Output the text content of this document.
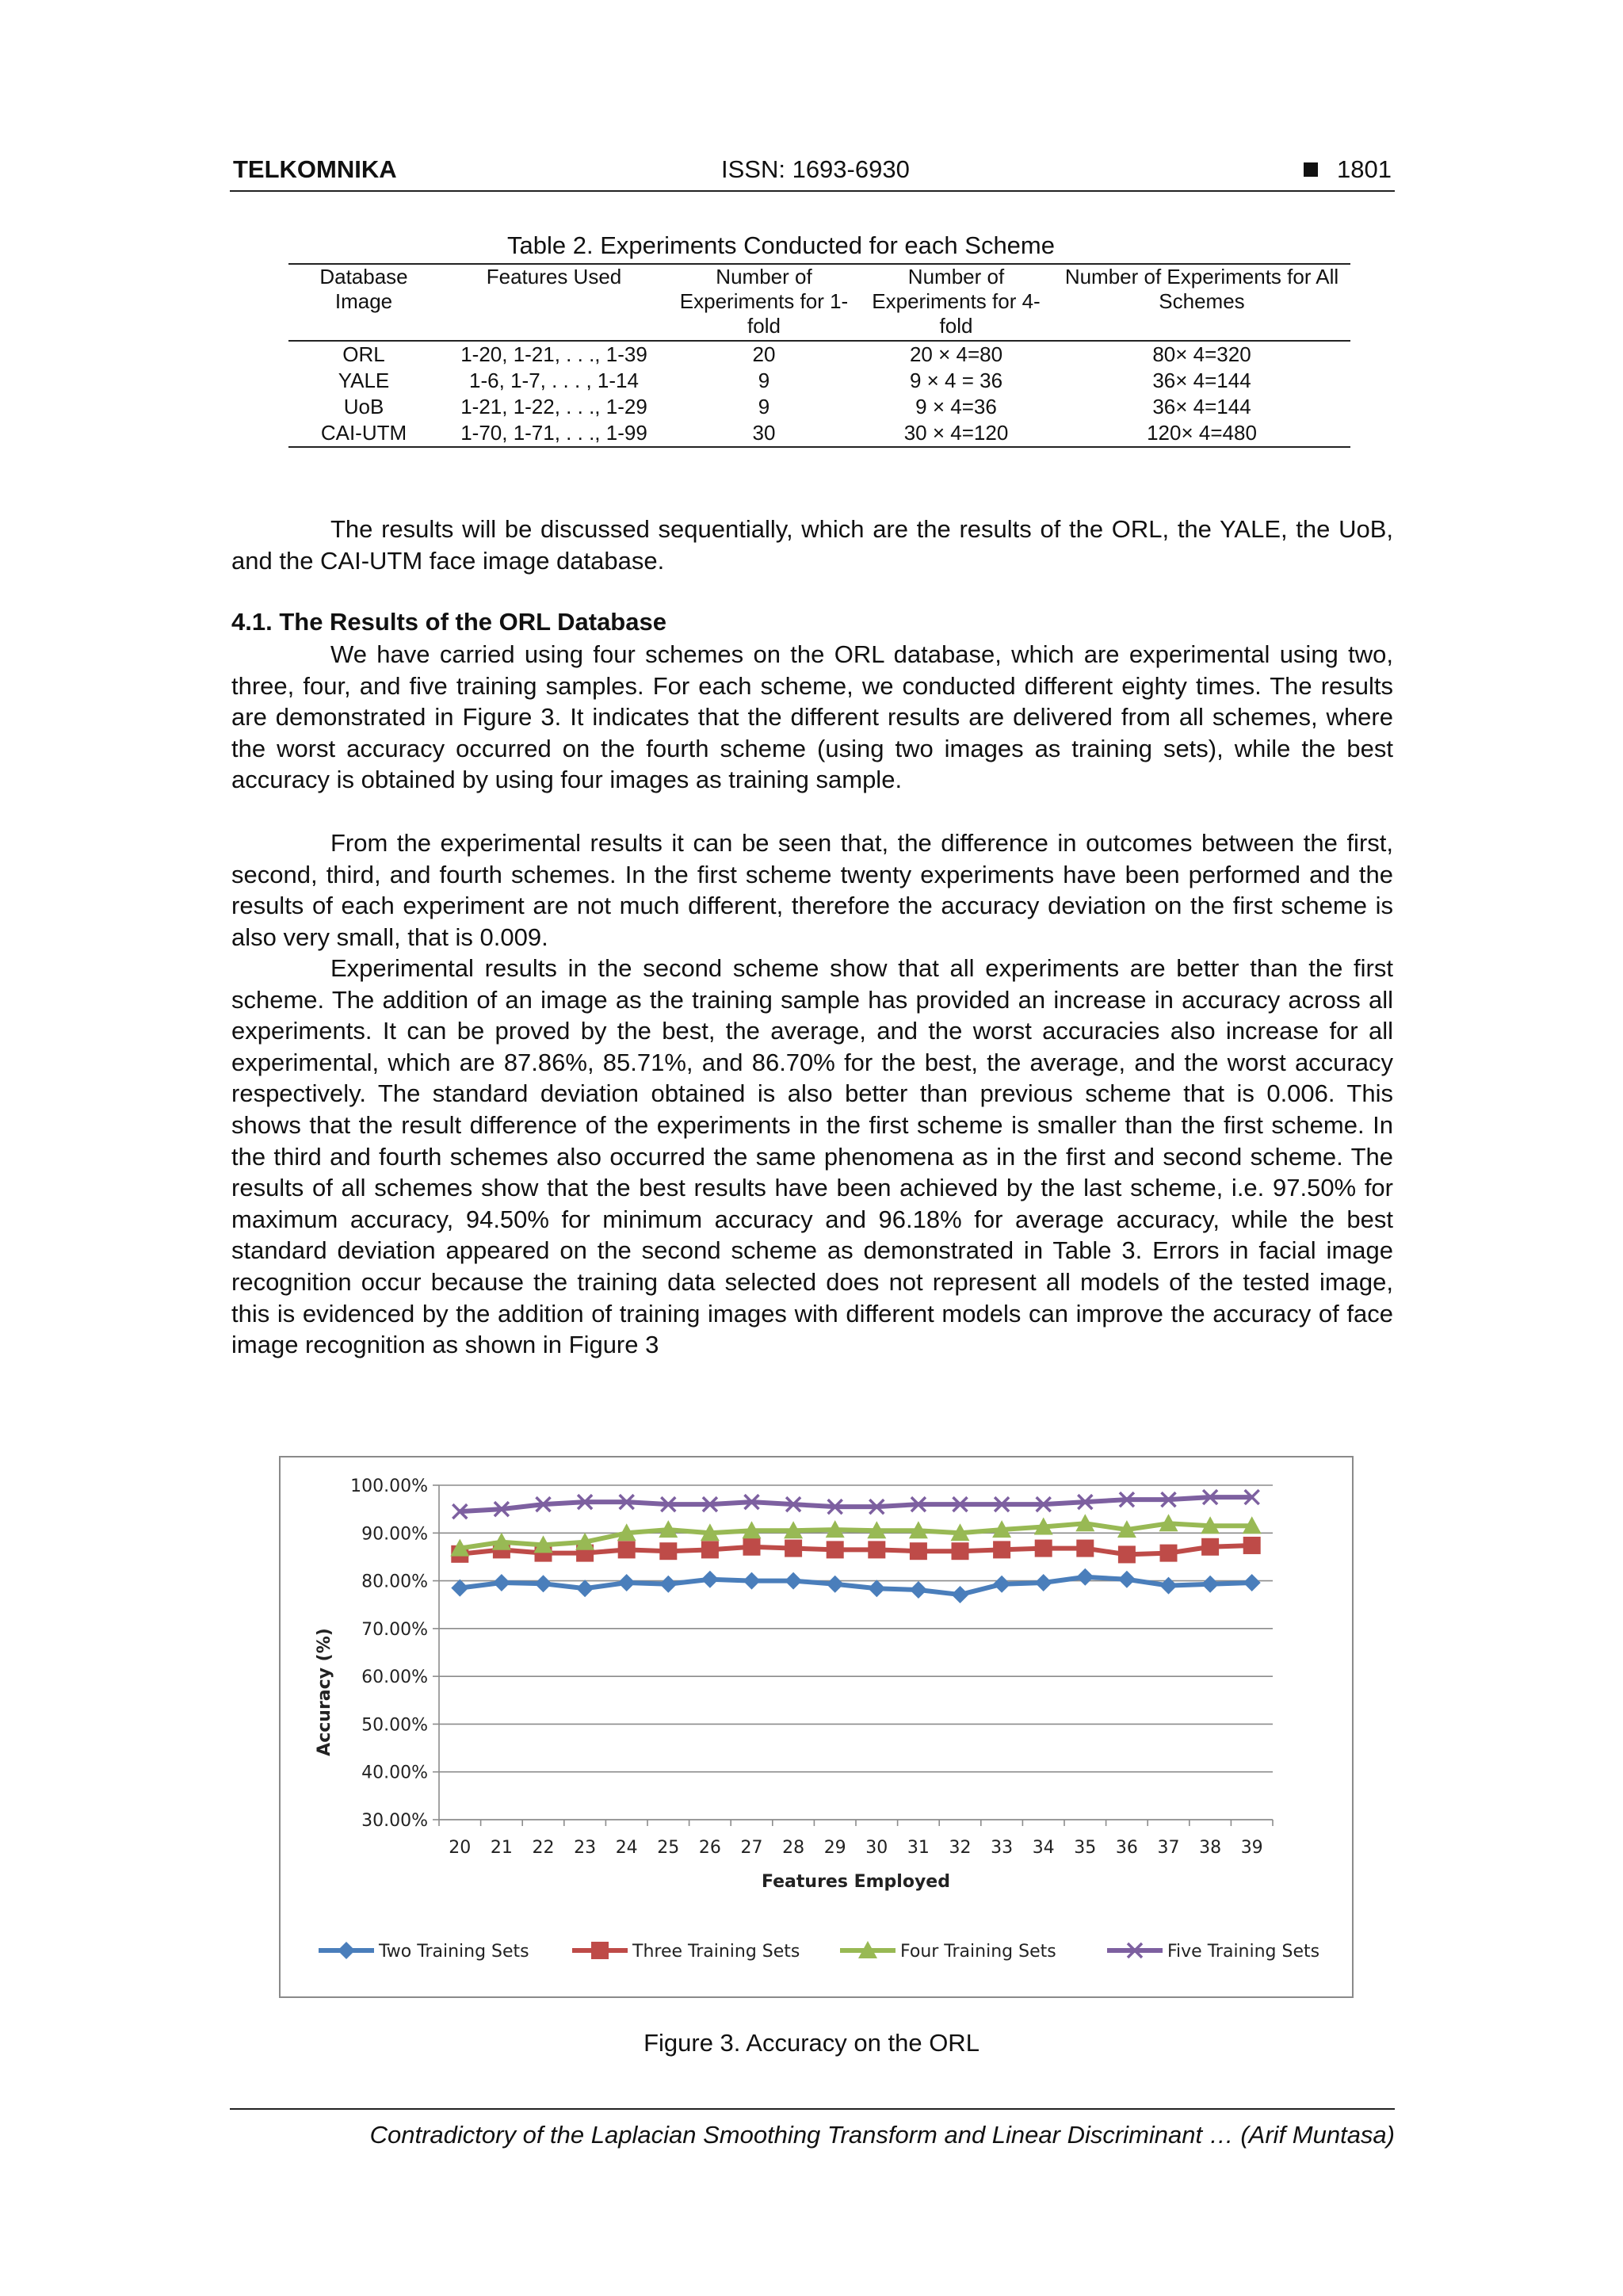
TELKOMNIKA	ISSN: 1693-6930	1801
Table 2. Experiments Conducted for each Scheme
Database Image	Features Used	Number of Experiments for 1-fold	Number of Experiments for 4-fold	Number of Experiments for All Schemes
ORL	1-20, 1-21, . . ., 1-39	20	20 × 4=80	80× 4=320
YALE	1-6, 1-7, . . . , 1-14	9	9 × 4 = 36	36× 4=144
UoB	1-21, 1-22, . . ., 1-29	9	9 × 4=36	36× 4=144
CAI-UTM	1-70, 1-71, . . ., 1-99	30	30 × 4=120	120× 4=480

The results will be discussed sequentially, which are the results of the ORL, the YALE, the UoB, and the CAI-UTM face image database.

4.1. The Results of the ORL Database

We have carried using four schemes on the ORL database, which are experimental using two, three, four, and five training samples. For each scheme, we conducted different eighty times. The results are demonstrated in Figure 3. It indicates that the different results are delivered from all schemes, where the worst accuracy occurred on the fourth scheme (using two images as training sets), while the best accuracy is obtained by using four images as training sample.

From the experimental results it can be seen that, the difference in outcomes between the first, second, third, and fourth schemes. In the first scheme twenty experiments have been performed and the results of each experiment are not much different, therefore the accuracy deviation on the first scheme is also very small, that is 0.009.

Experimental results in the second scheme show that all experiments are better than the first scheme. The addition of an image as the training sample has provided an increase in accuracy across all experiments. It can be proved by the best, the average, and the worst accuracies also increase for all experimental, which are 87.86%, 85.71%, and 86.70% for the best, the average, and the worst accuracy respectively. The standard deviation obtained is also better than previous scheme that is 0.006. This shows that the result difference of the experiments in the first scheme is smaller than the first scheme. In the third and fourth schemes also occurred the same phenomena as in the first and second scheme. The results of all schemes show that the best results have been achieved by the last scheme, i.e. 97.50% for maximum accuracy, 94.50% for minimum accuracy and 96.18% for average accuracy, while the best standard deviation appeared on the second scheme as demonstrated in Table 3. Errors in facial image recognition occur because the training data selected does not represent all models of the tested image, this is evidenced by the addition of training images with different models can improve the accuracy of face image recognition as shown in Figure 3

30.00%
40.00%
50.00%
60.00%
70.00%
80.00%
90.00%
100.00%
20 21 22 23 24 25 26 27 28 29 30 31 32 33 34 35 36 37 38 39
Features Employed
Accuracy (%)
Two Training Sets	Three Training Sets	Four Training Sets	Five Training Sets
Figure 3. Accuracy on the ORL
Contradictory of the Laplacian Smoothing Transform and Linear Discriminant … (Arif Muntasa)
